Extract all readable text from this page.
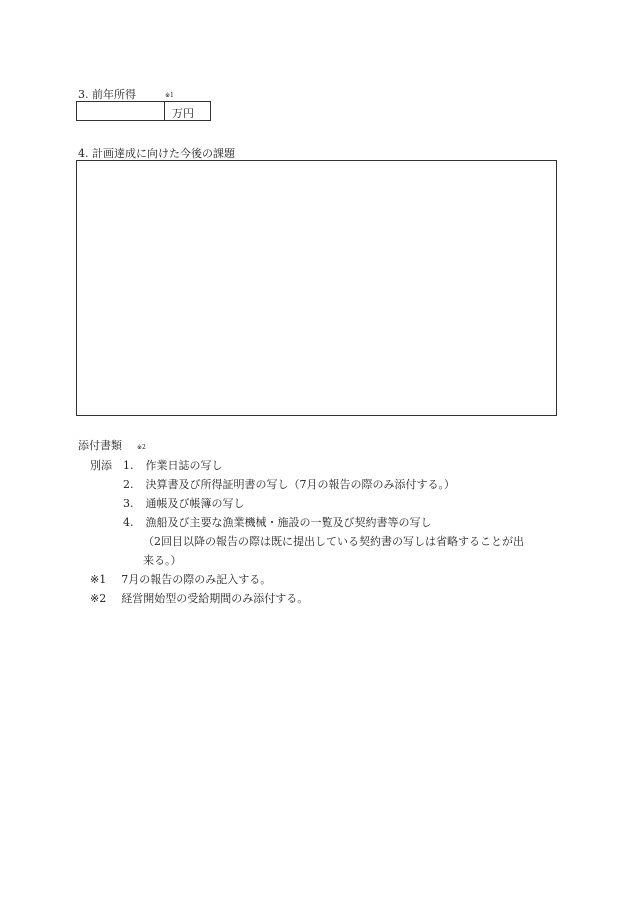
3. 前年所得	※1
万円
4. 計画達成に向けた今後の課題
添付書類	※2
別添 1. 作業日誌の写し
2. 決算書及び所得証明書の写し（7月の報告の際のみ添付する。）
3. 通帳及び帳簿の写し
4. 漁船及び主要な漁業機械・施設の一覧及び契約書等の写し
（2回目以降の報告の際は既に提出している契約書の写しは省略することが出
来る。）
※1 7月の報告の際のみ記入する。
※2 経営開始型の受給期間のみ添付する。
